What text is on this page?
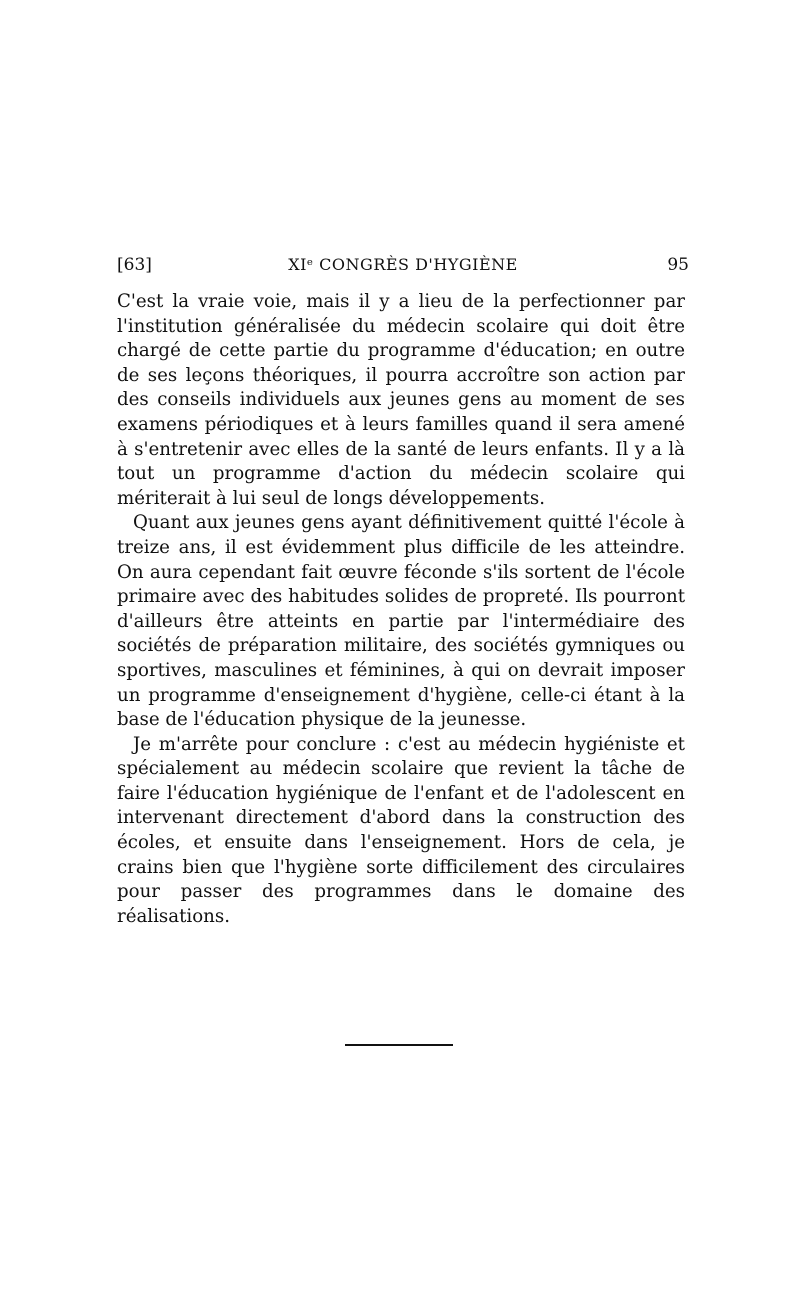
[63]	XIᵉ CONGRÈS D'HYGIÈNE	95

C'est la vraie voie, mais il y a lieu de la perfectionner par l'institution généralisée du médecin scolaire qui doit être chargé de cette partie du programme d'éducation; en outre de ses leçons théoriques, il pourra accroître son action par des conseils individuels aux jeunes gens au moment de ses examens périodiques et à leurs familles quand il sera amené à s'entretenir avec elles de la santé de leurs enfants. Il y a là tout un programme d'action du médecin scolaire qui mériterait à lui seul de longs développements.

Quant aux jeunes gens ayant définitivement quitté l'école à treize ans, il est évidemment plus difficile de les atteindre. On aura cependant fait œuvre féconde s'ils sortent de l'école primaire avec des habitudes solides de propreté. Ils pourront d'ailleurs être atteints en partie par l'intermédiaire des sociétés de préparation militaire, des sociétés gymniques ou sportives, masculines et féminines, à qui on devrait imposer un programme d'enseignement d'hygiène, celle-ci étant à la base de l'éducation physique de la jeunesse.

Je m'arrête pour conclure : c'est au médecin hygiéniste et spécialement au médecin scolaire que revient la tâche de faire l'éducation hygiénique de l'enfant et de l'adolescent en intervenant directement d'abord dans la construction des écoles, et ensuite dans l'enseignement. Hors de cela, je crains bien que l'hygiène sorte difficilement des circulaires pour passer des programmes dans le domaine des réalisations.
